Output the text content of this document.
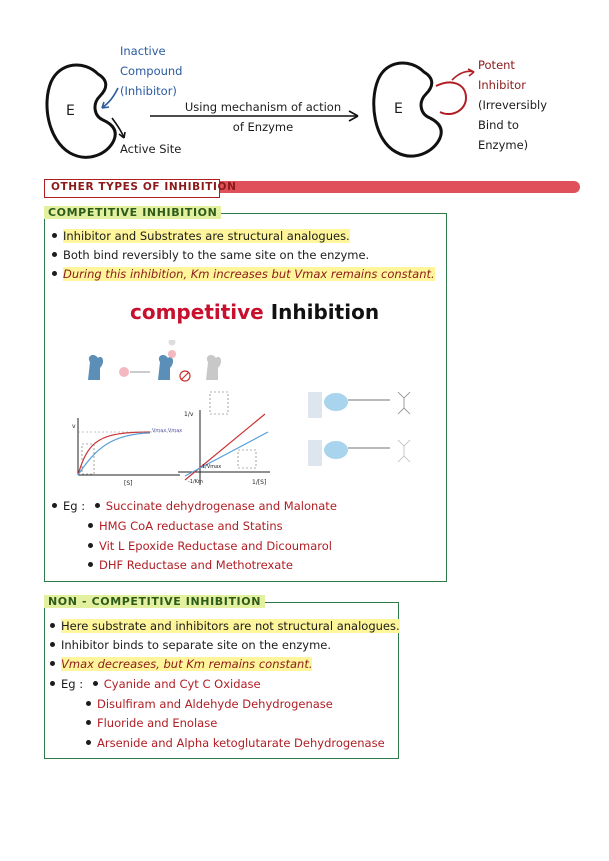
E
Inactive
Compound
(Inhibitor)
Active Site
Using mechanism of action
of Enzyme
E
Potent
Inhibitor
(Irreversibly
Bind to
Enzyme)
OTHER TYPES OF INHIBITION
COMPETITIVE INHIBITION
Inhibitor and Substrates are structural analogues.
Both bind reversibly to the same site on the enzyme.
During this inhibition, Km increases but Vmax remains constant.
competitive Inhibition
v
[S]
Vmax Vmax
1/v
1/[S]
1/Vmax
-1/Km
Eg : Succinate dehydrogenase and Malonate
HMG CoA reductase and Statins
Vit L Epoxide Reductase and Dicoumarol
DHF Reductase and Methotrexate
NON - COMPETITIVE INHIBITION
Here substrate and inhibitors are not structural analogues.
Inhibitor binds to separate site on the enzyme.
Vmax decreases, but Km remains constant.
Eg : Cyanide and Cyt C Oxidase
Disulfiram and Aldehyde Dehydrogenase
Fluoride and Enolase
Arsenide and Alpha ketoglutarate Dehydrogenase
